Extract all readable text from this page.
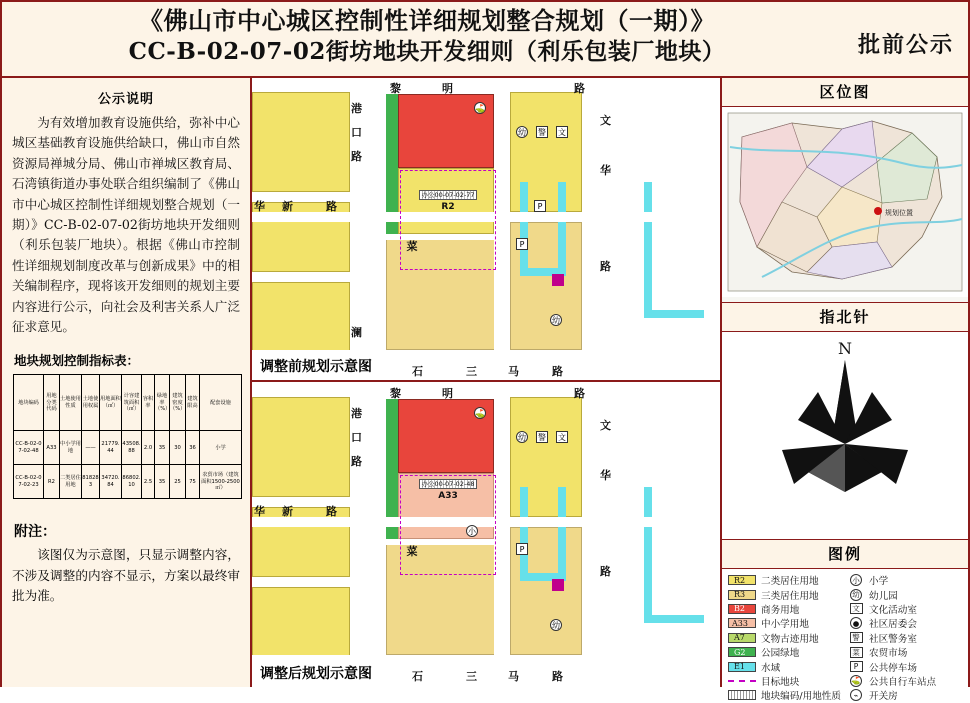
《佛山市中心城区控制性详细规划整合规划（一期）》
CC-B-02-07-02街坊地块开发细则（利乐包装厂地块）	批前公示
公示说明
为有效增加教育设施供给，弥补中心城区基础教育设施供给缺口，佛山市自然资源局禅城分局、佛山市禅城区教育局、石湾镇街道办事处联合组织编制了《佛山市中心城区控制性详细规划整合规划（一期）》CC-B-02-07-02街坊地块开发细则（利乐包装厂地块）。根据《佛山市控制性详细规划制度改革与创新成果》中的相关编制程序，现将该开发细则的规划主要内容进行公示，向社会及利害关系人广泛征求意见。
地块规划控制指标表：
地块编码	用地分类代码	土地使用性质	土地使用权属	用地面积（㎡）	计容建筑面积（㎡）	容积率	绿地率（%）	建筑密度（%）	建筑限高	配套设施
CC-B-02-07-02-48	A33	中小学用地	——	21779.44	43508.88	2.0	35	30	36	小学
CC-B-02-07-02-23	R2	二类居住用地	818283	34720.84	86802.10	2.5	35	25	75	农贸市场（建筑面积1500-2500㎡）
附注：
该图仅为示意图，只显示调整内容，不涉及调整的内容不显示，方案以最终审批为准。
办公00-07-02-77
R2
菜
幼 警 文
⛳
P
P
幼
黎	明	路
港
口
路
文
华
路
华 新	路
澜
石	三	马	路
调整前规划示意图
办公00-07-02-48
A33
菜
小
幼 警 文
⛳
P
幼
黎	明	路
港
口
路
文
华
路
华 新	路
石	三	马	路
调整后规划示意图
区位图
规划位置
指北针
N
图例
R2 二类居住用地
R3 三类居住用地
B2 商务用地
A33 中小学用地
A7 文物古迹用地
G2 公园绿地
E1 水域
目标地块
地块编码/用地性质
小 小学
幼 幼儿园
文 文化活动室
● 社区居委会
警 社区警务室
菜 农贸市场
P	公共停车场
⛳ 公共自行车站点
⌁	开关房
